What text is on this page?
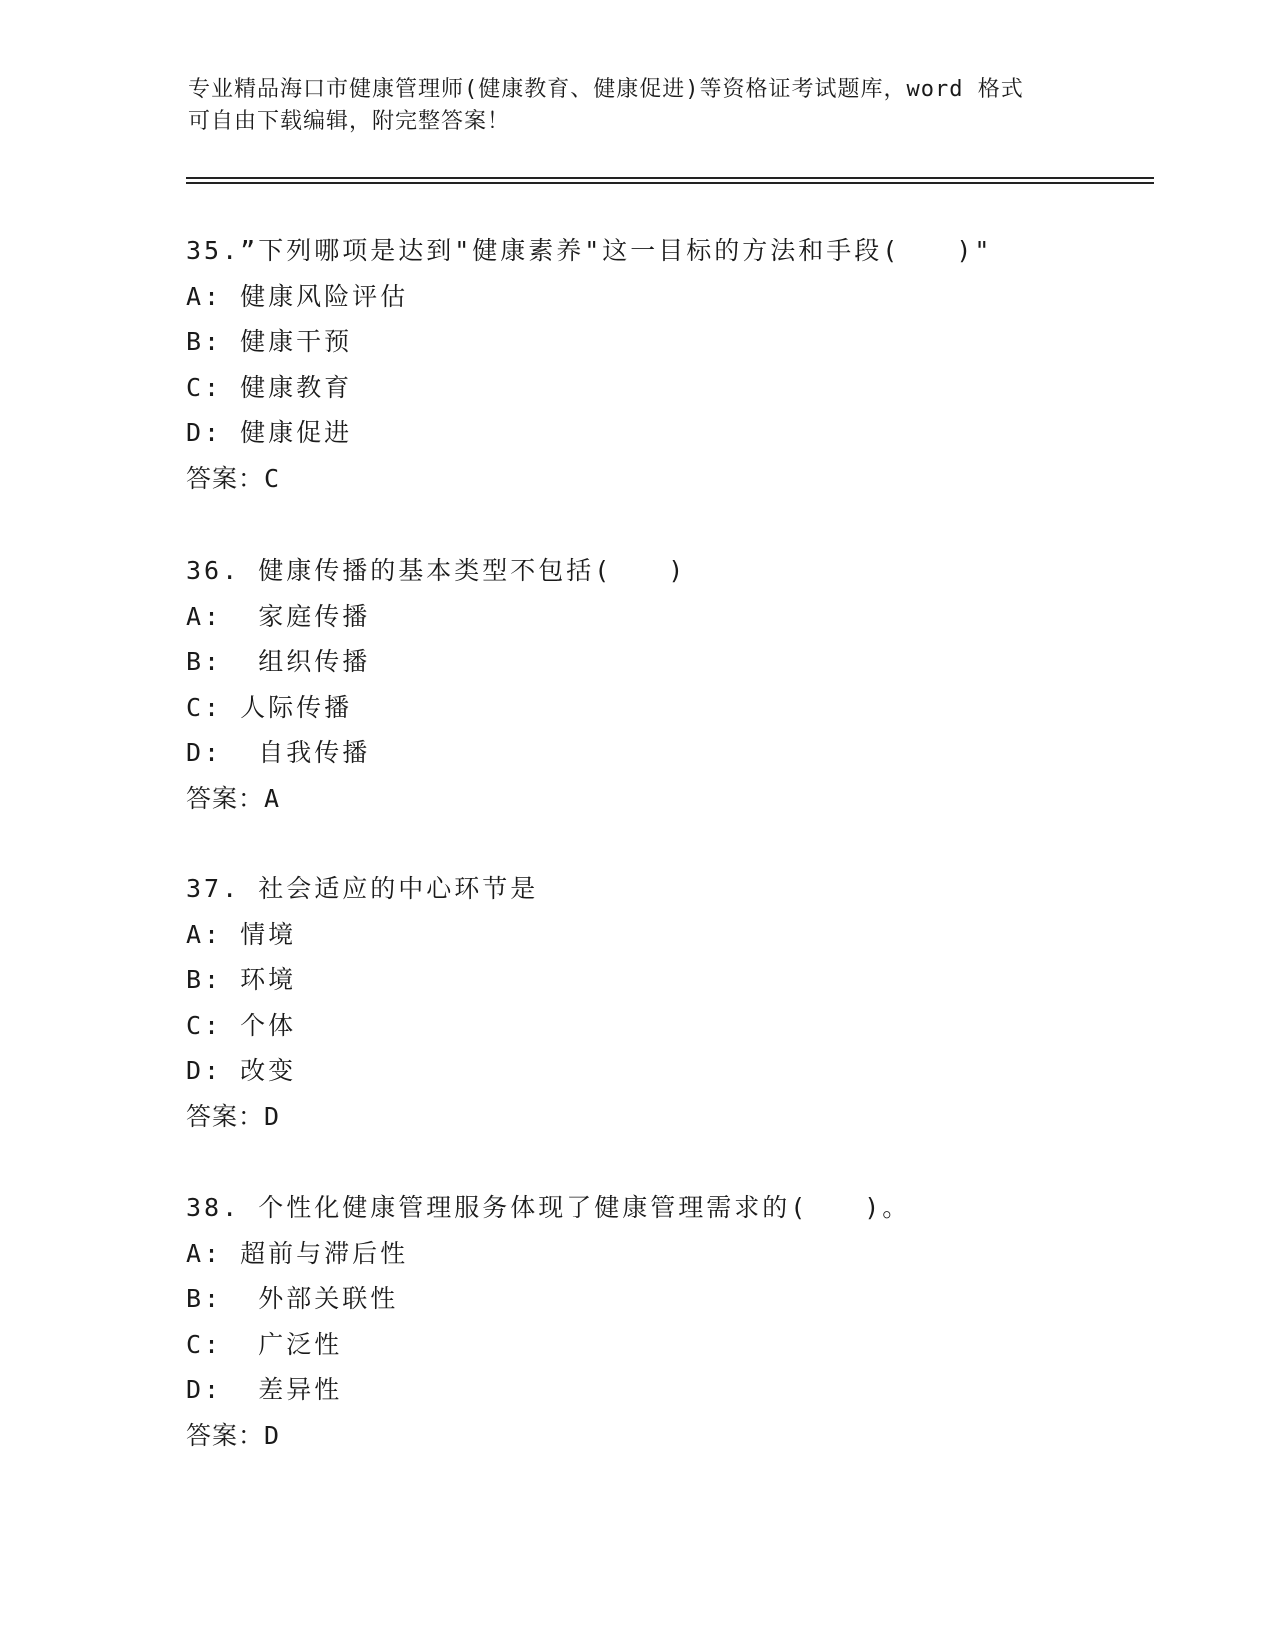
专业精品海口市健康管理师(健康教育、健康促进)等资格证考试题库，word 格式
可自由下载编辑，附完整答案！
35.”下列哪项是达到"健康素养"这一目标的方法和手段(　　)"
A: 健康风险评估
B: 健康干预
C: 健康教育
D: 健康促进
答案：C
36. 健康传播的基本类型不包括(　　)
A:  家庭传播
B:  组织传播
C: 人际传播
D:  自我传播
答案：A
37. 社会适应的中心环节是
A: 情境
B: 环境
C: 个体
D: 改变
答案：D
38. 个性化健康管理服务体现了健康管理需求的(　　)。
A: 超前与滞后性
B:  外部关联性
C:  广泛性
D:  差异性
答案：D
